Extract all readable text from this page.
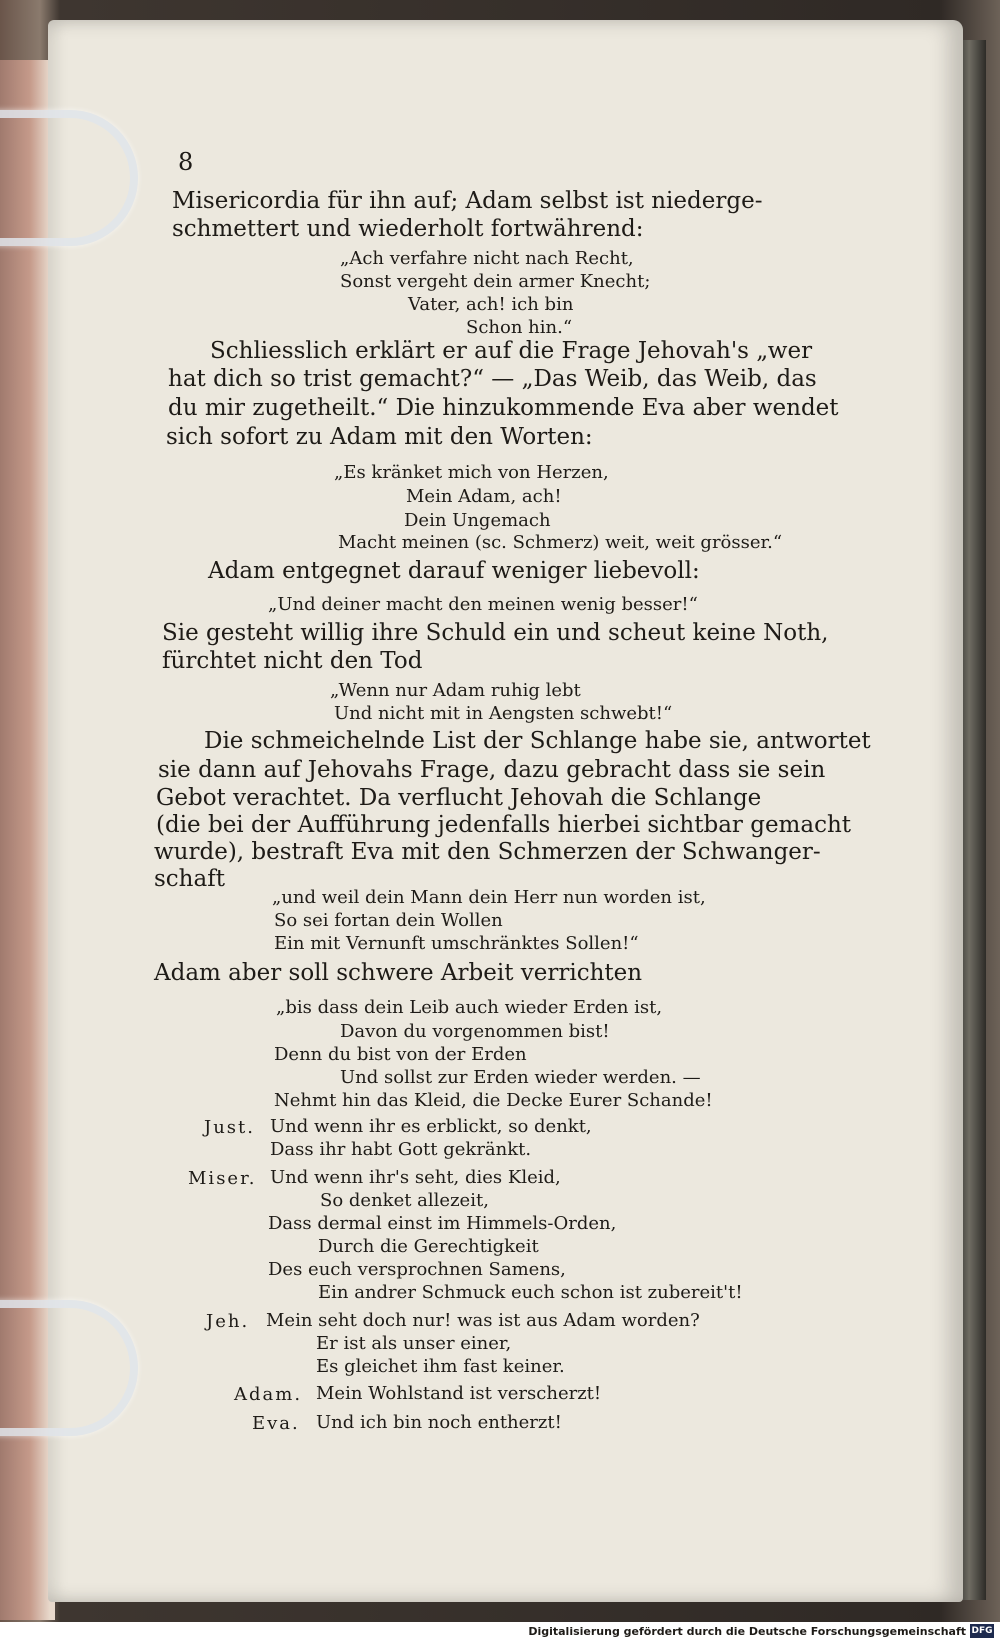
8
Misericordia für ihn auf; Adam selbst ist niederge-
schmettert und wiederholt fortwährend:
„Ach verfahre nicht nach Recht,
Sonst vergeht dein armer Knecht;
Vater, ach! ich bin
Schon hin.“
Schliesslich erklärt er auf die Frage Jehovah's „wer
hat dich so trist gemacht?“ — „Das Weib, das Weib, das
du mir zugetheilt.“ Die hinzukommende Eva aber wendet
sich sofort zu Adam mit den Worten:
„Es kränket mich von Herzen,
Mein Adam, ach!
Dein Ungemach
Macht meinen (sc. Schmerz) weit, weit grösser.“
Adam entgegnet darauf weniger liebevoll:
„Und deiner macht den meinen wenig besser!“
Sie gesteht willig ihre Schuld ein und scheut keine Noth,
fürchtet nicht den Tod
„Wenn nur Adam ruhig lebt
Und nicht mit in Aengsten schwebt!“
Die schmeichelnde List der Schlange habe sie, antwortet
sie dann auf Jehovahs Frage, dazu gebracht dass sie sein
Gebot verachtet. Da verflucht Jehovah die Schlange
(die bei der Aufführung jedenfalls hierbei sichtbar gemacht
wurde), bestraft Eva mit den Schmerzen der Schwanger-
schaft
„und weil dein Mann dein Herr nun worden ist,
So sei fortan dein Wollen
Ein mit Vernunft umschränktes Sollen!“
Adam aber soll schwere Arbeit verrichten
„bis dass dein Leib auch wieder Erden ist,
Davon du vorgenommen bist!
Denn du bist von der Erden
Und sollst zur Erden wieder werden. —
Nehmt hin das Kleid, die Decke Eurer Schande!
Just. Und wenn ihr es erblickt, so denkt,
Dass ihr habt Gott gekränkt.
Miser. Und wenn ihr's seht, dies Kleid,
So denket allezeit,
Dass dermal einst im Himmels-Orden,
Durch die Gerechtigkeit
Des euch versprochnen Samens,
Ein andrer Schmuck euch schon ist zubereit't!
Jeh. Mein seht doch nur! was ist aus Adam worden?
Er ist als unser einer,
Es gleichet ihm fast keiner.
Adam. Mein Wohlstand ist verscherzt!
Eva. Und ich bin noch entherzt!
Digitalisierung gefördert durch die Deutsche Forschungsgemeinschaft DFG
